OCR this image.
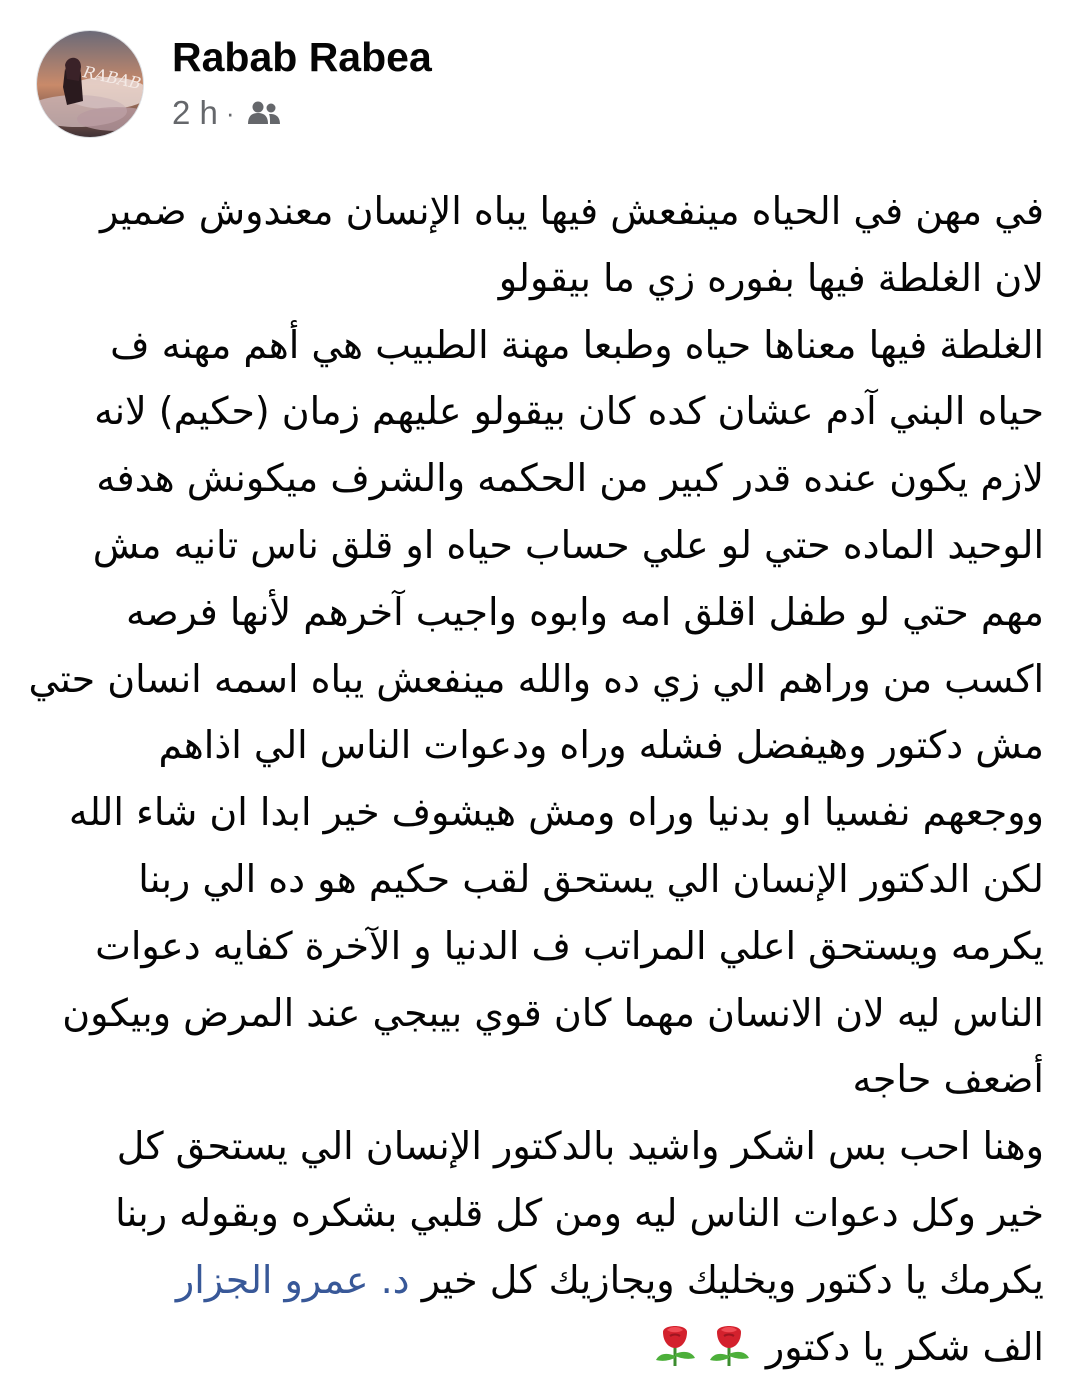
RABAB Rabab Rabea
2 h ·
في مهن في الحياه مينفعش فيها يباه الإنسان معندوش ضمير
لان الغلطة فيها بفوره زي ما بيقولو
الغلطة فيها معناها حياه وطبعا مهنة الطبيب هي أهم مهنه ف
حياه البني آدم عشان كده كان بيقولو عليهم زمان (حكيم) لانه
لازم يكون عنده قدر كبير من الحكمه والشرف ميكونش هدفه
الوحيد الماده حتي لو علي حساب حياه او قلق ناس تانيه مش
مهم حتي لو طفل اقلق امه وابوه واجيب آخرهم لأنها فرصه
اكسب من وراهم الي زي ده والله مينفعش يباه اسمه انسان حتي
مش دكتور وهيفضل فشله وراه ودعوات الناس الي اذاهم
ووجعهم نفسيا او بدنيا وراه ومش هيشوف خير ابدا ان شاء الله
لكن الدكتور الإنسان الي يستحق لقب حكيم هو ده الي ربنا
يكرمه ويستحق اعلي المراتب ف الدنيا و الآخرة كفايه دعوات
الناس ليه لان الانسان مهما كان قوي بيبجي عند المرض وبيكون
أضعف حاجه
وهنا احب بس اشكر واشيد بالدكتور الإنسان الي يستحق كل
خير وكل دعوات الناس ليه ومن كل قلبي بشكره وبقوله ربنا
يكرمك يا دكتور ويخليك ويجازيك كل خير د. عمرو الجزار
الف شكر يا دكتور
